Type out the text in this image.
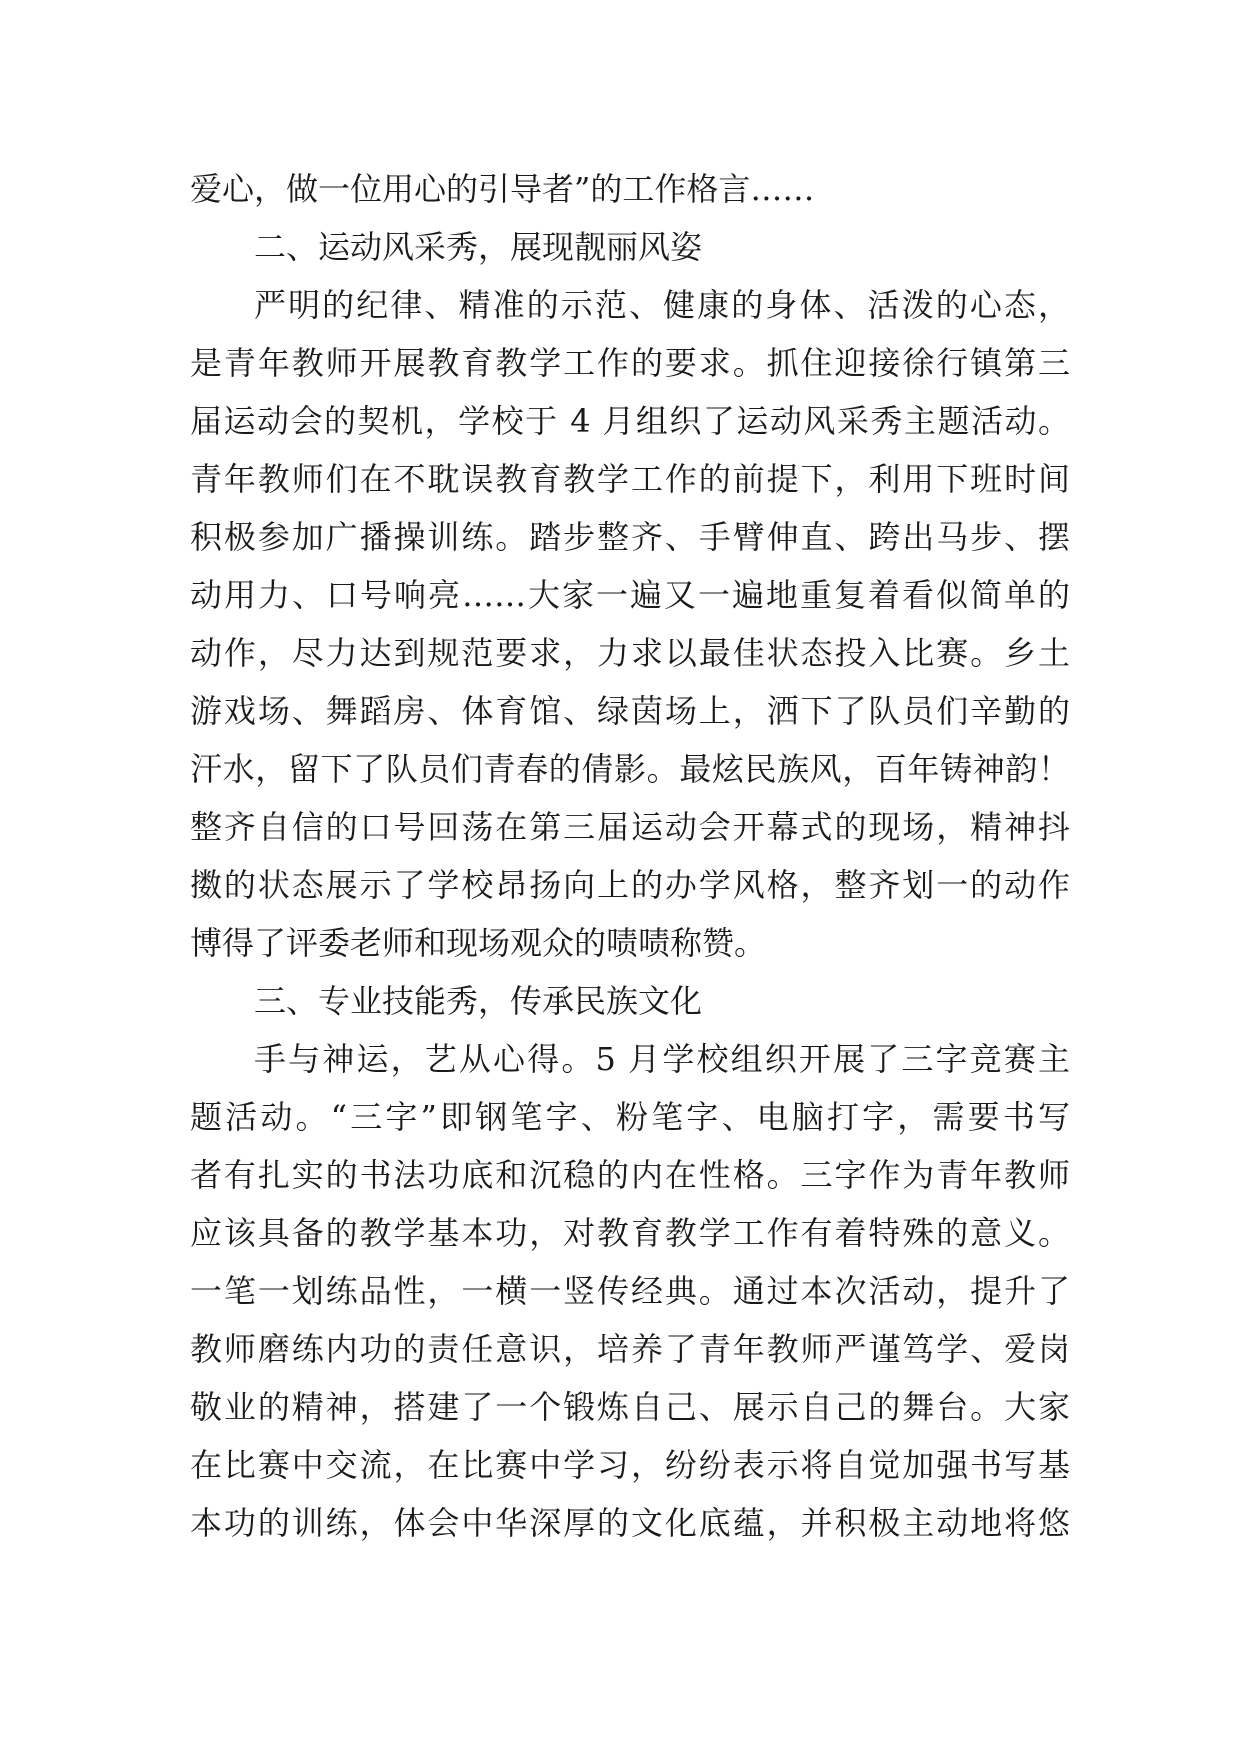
爱心，做一位用心的引导者”的工作格言……
二、运动风采秀，展现靓丽风姿
严明的纪律、精准的示范、健康的身体、活泼的心态，
是青年教师开展教育教学工作的要求。抓住迎接徐行镇第三
届运动会的契机，学校于 4 月组织了运动风采秀主题活动。
青年教师们在不耽误教育教学工作的前提下，利用下班时间
积极参加广播操训练。踏步整齐、手臂伸直、跨出马步、摆
动用力、口号响亮……大家一遍又一遍地重复着看似简单的
动作，尽力达到规范要求，力求以最佳状态投入比赛。乡土
游戏场、舞蹈房、体育馆、绿茵场上，洒下了队员们辛勤的
汗水，留下了队员们青春的倩影。最炫民族风，百年铸神韵！
整齐自信的口号回荡在第三届运动会开幕式的现场，精神抖
擞的状态展示了学校昂扬向上的办学风格，整齐划一的动作
博得了评委老师和现场观众的啧啧称赞。
三、专业技能秀，传承民族文化
手与神运，艺从心得。5 月学校组织开展了三字竞赛主
题活动。“三字”即钢笔字、粉笔字、电脑打字，需要书写
者有扎实的书法功底和沉稳的内在性格。三字作为青年教师
应该具备的教学基本功，对教育教学工作有着特殊的意义。
一笔一划练品性，一横一竖传经典。通过本次活动，提升了
教师磨练内功的责任意识，培养了青年教师严谨笃学、爱岗
敬业的精神，搭建了一个锻炼自己、展示自己的舞台。大家
在比赛中交流，在比赛中学习，纷纷表示将自觉加强书写基
本功的训练，体会中华深厚的文化底蕴，并积极主动地将悠
